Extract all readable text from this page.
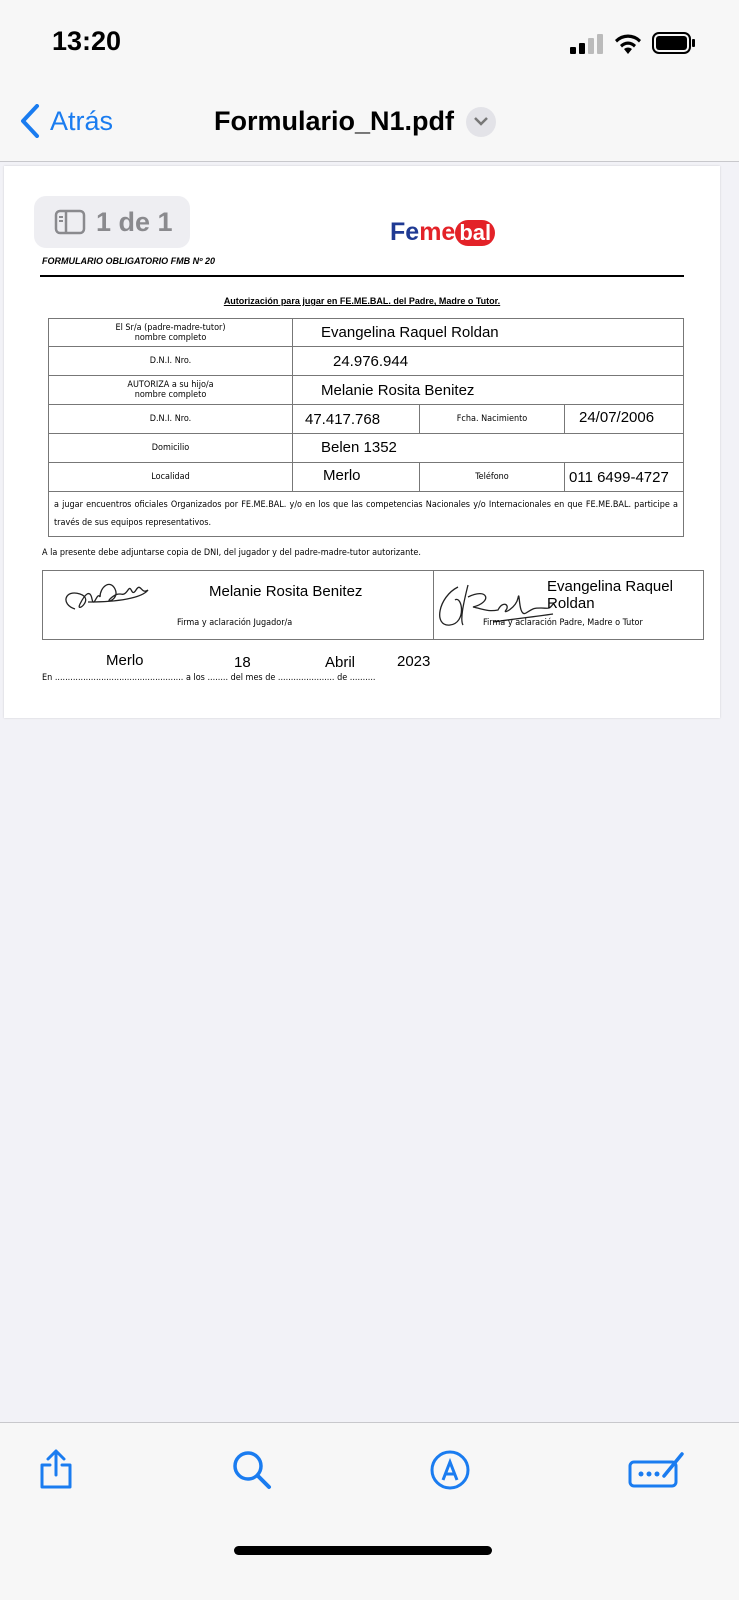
13:20
Atrás	Formulario_N1.pdf
1 de 1	Fe me bal
FORMULARIO OBLIGATORIO FMB Nº 20
Autorización para jugar en FE.ME.BAL. del Padre, Madre o Tutor.
El Sr/a (padre-madre-tutor)
nombre completo	Evangelina Raquel Roldan
D.N.I. Nro.	24.976.944
AUTORIZA a su hijo/a
nombre completo	Melanie Rosita Benitez
D.N.I. Nro.	47.417.768	Fcha. Nacimiento	24/07/2006
Domicilio	Belen 1352
Localidad	Merlo	Teléfono	011 6499-4727
a jugar encuentros oficiales Organizados por FE.ME.BAL. y/o en los que las competencias Nacionales y/o Internacionales en que FE.ME.BAL. participe a través de sus equipos representativos.
A la presente debe adjuntarse copia de DNI, del jugador y del padre-madre-tutor autorizante.
Melanie Rosita Benitez
Firma y aclaración Jugador/a
Evangelina Raquel Roldan
Firma y aclaración Padre, Madre o Tutor
En .................................................. a los ........ del mes de ...................... de ..........
Merlo	18	Abril	2023
